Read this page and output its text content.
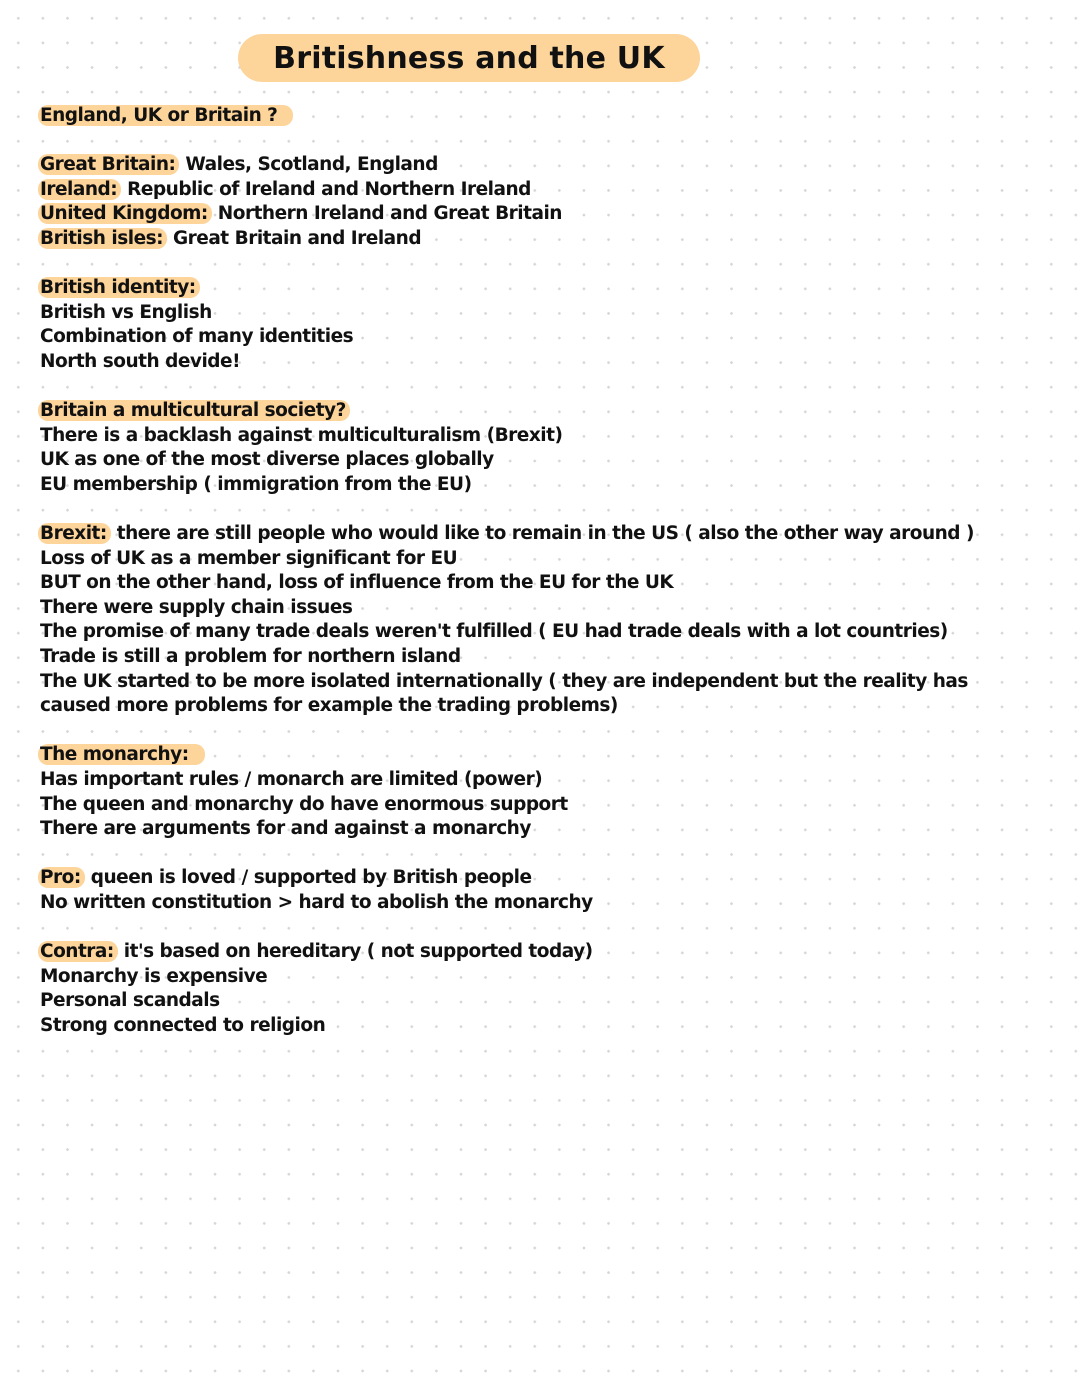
Britishness and the UK
England, UK or Britain ?
Great Britain: Wales, Scotland, England
Ireland: Republic of Ireland and Northern Ireland
United Kingdom: Northern Ireland and Great Britain
British isles: Great Britain and Ireland
British identity:
British vs English
Combination of many identities
North south devide!
Britain a multicultural society?
There is a backlash against multiculturalism (Brexit)
UK as one of the most diverse places globally
EU membership ( immigration from the EU)
Brexit: there are still people who would like to remain in the US ( also the other way around )
Loss of UK as a member significant for EU
BUT on the other hand, loss of influence from the EU for the UK
There were supply chain issues
The promise of many trade deals weren't fulfilled ( EU had trade deals with a lot countries)
Trade is still a problem for northern island
The UK started to be more isolated internationally ( they are independent but the reality has caused more problems for example the trading problems)
The monarchy:
Has important rules / monarch are limited (power)
The queen and monarchy do have enormous support
There are arguments for and against a monarchy
Pro: queen is loved / supported by British people
No written constitution > hard to abolish the monarchy
Contra: it's based on hereditary ( not supported today)
Monarchy is expensive
Personal scandals
Strong connected to religion
